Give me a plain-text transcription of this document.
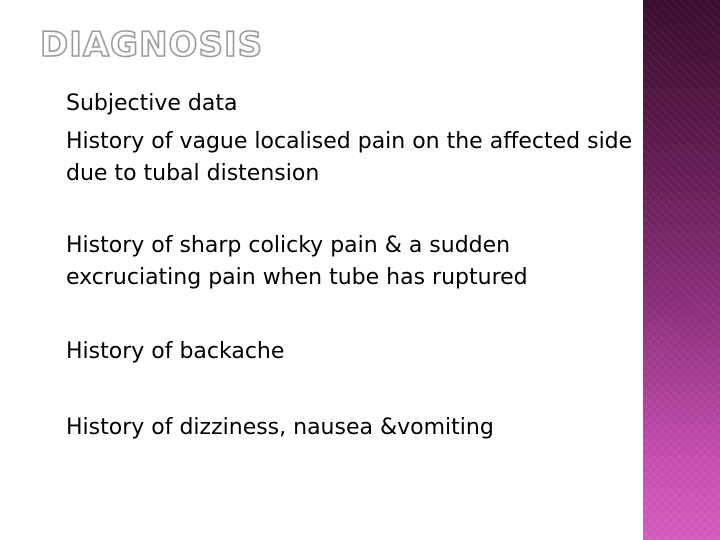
DIAGNOSIS
Subjective data
History of vague localised pain on the affected side
due to tubal distension
History of sharp colicky pain & a sudden
excruciating pain when tube has ruptured
History of backache
History of dizziness, nausea &vomiting
